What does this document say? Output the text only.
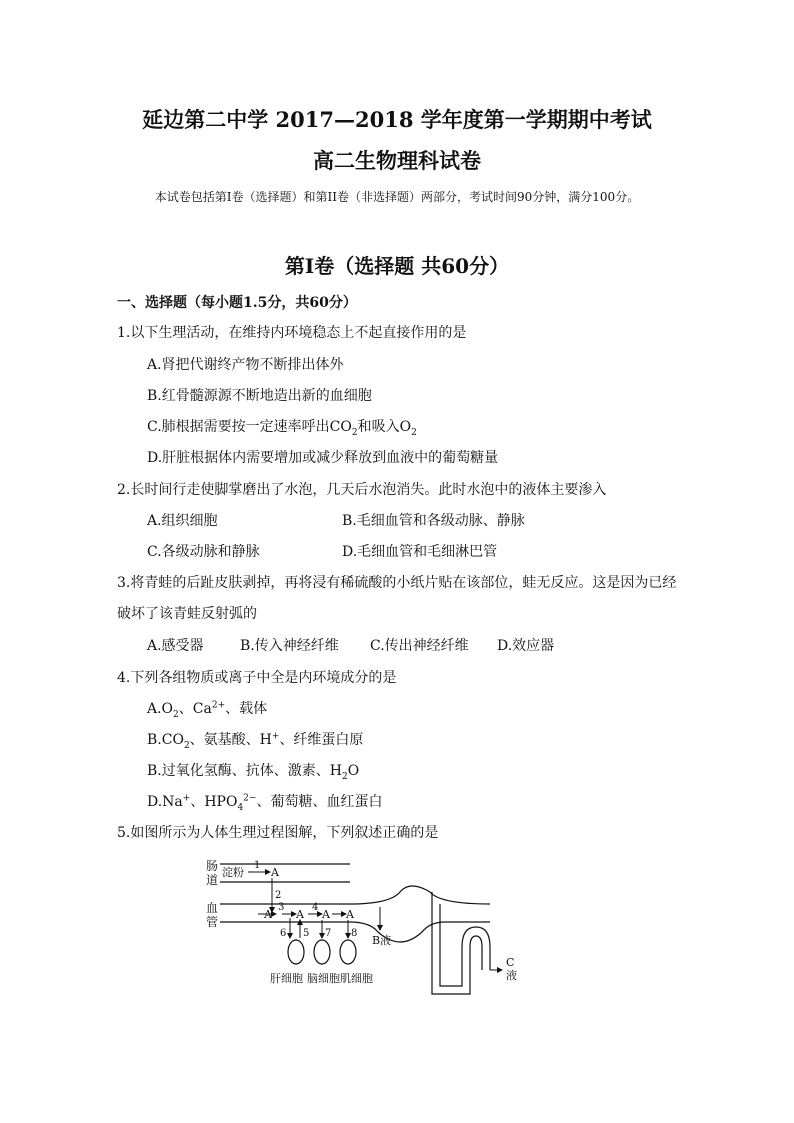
延边第二中学 2017—2018 学年度第一学期期中考试
高二生物理科试卷
本试卷包括第I卷（选择题）和第II卷（非选择题）两部分，考试时间90分钟，满分100分。
第Ⅰ卷（选择题 共60分）
一、选择题（每小题1.5分，共60分）
1.以下生理活动，在维持内环境稳态上不起直接作用的是
A.肾把代谢终产物不断排出体外
B.红骨髓源源不断地造出新的血细胞
C.肺根据需要按一定速率呼出$CO_2$和吸入$O_2$
D.肝脏根据体内需要增加或减少释放到血液中的葡萄糖量
2.长时间行走使脚掌磨出了水泡，几天后水泡消失。此时水泡中的液体主要渗入
A.组织细胞	B.毛细血管和各级动脉、静脉
C.各级动脉和静脉	D.毛细血管和毛细淋巴管
3.将青蛙的后趾皮肤剥掉，再将浸有稀硫酸的小纸片贴在该部位，蛙无反应。这是因为已经
破坏了该青蛙反射弧的
A.感受器	B.传入神经纤维 C.传出神经纤维 D.效应器
4.下列各组物质或离子中全是内环境成分的是
$A.O_2$、$Ca^{2+}$、载体
$B.CO_2$、氨基酸、H+、纤维蛋白原
B.过氧化氢酶、抗体、激素、$H_2O$
D.Na+、$HPO_4^{2-}$、葡萄糖、血红蛋白
5.如图所示为人体生理过程图解，下列叙述正确的是
肠
道
血
管
淀粉
1
A
2
A
3
A
4
A A
6 5 7 8
B液
C
液
肝细胞 脑细胞 肌细胞
